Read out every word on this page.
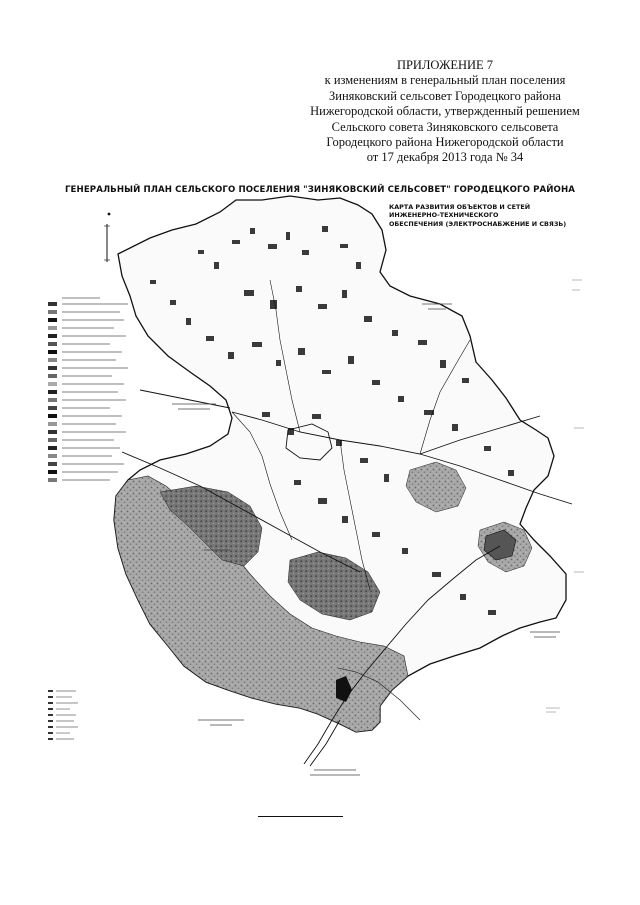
ПРИЛОЖЕНИЕ 7
к изменениям в генеральный план поселения
Зиняковский сельсовет Городецкого района
Нижегородской области, утвержденный решением
Сельского совета Зиняковского сельсовета
Городецкого района Нижегородской области
от 17 декабря 2013 года № 34
ГЕНЕРАЛЬНЫЙ ПЛАН СЕЛЬСКОГО ПОСЕЛЕНИЯ "ЗИНЯКОВСКИЙ СЕЛЬСОВЕТ" ГОРОДЕЦКОГО РАЙОНА
КАРТА РАЗВИТИЯ ОБЪЕКТОВ И СЕТЕЙ
ИНЖЕНЕРНО-ТЕХНИЧЕСКОГО
ОБЕСПЕЧЕНИЯ (ЭЛЕКТРОСНАБЖЕНИЕ И СВЯЗЬ)
